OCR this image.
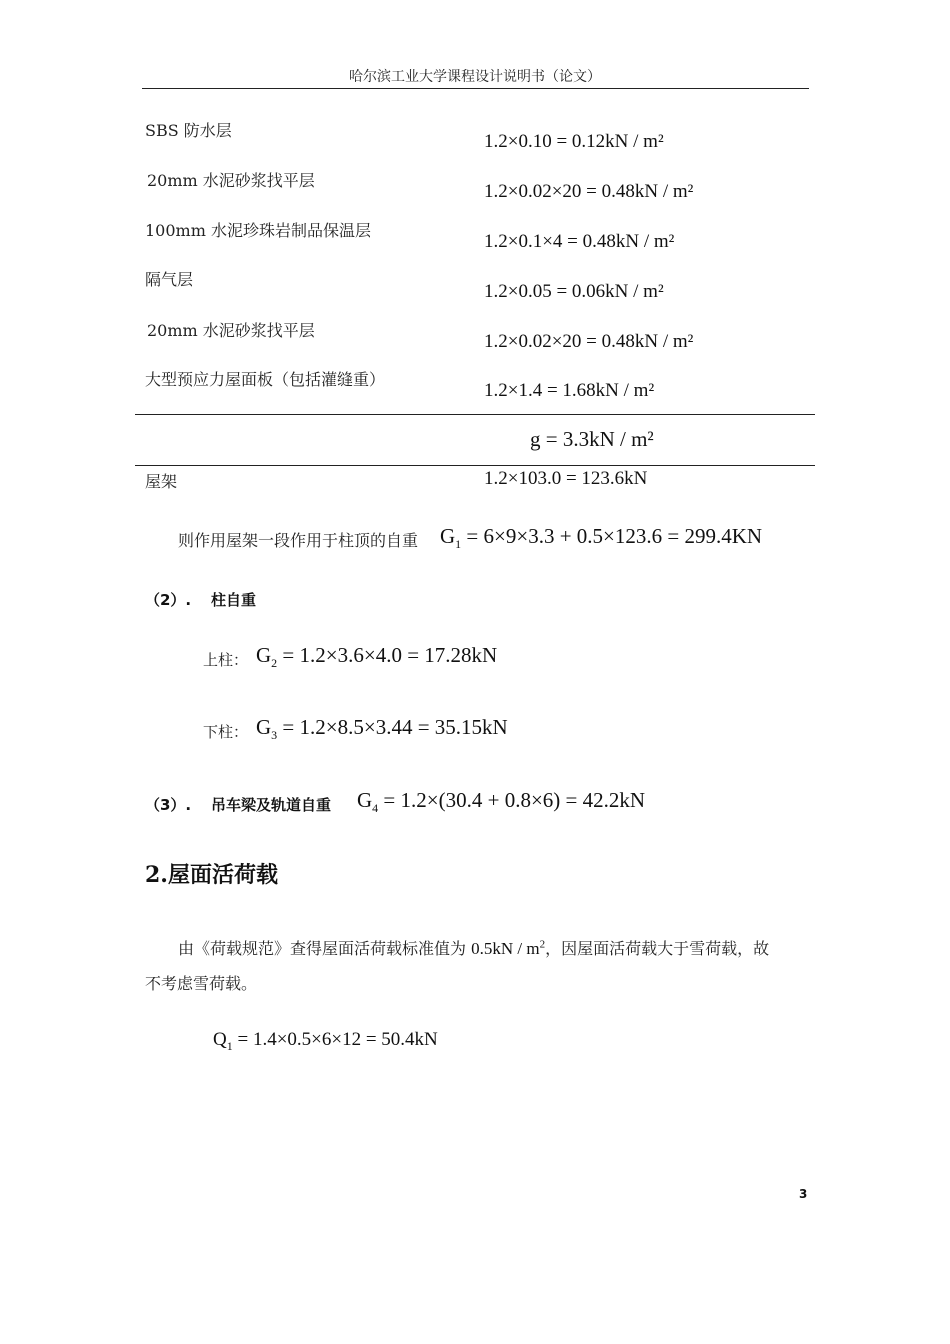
哈尔滨工业大学课程设计说明书（论文）
SBS 防水层
1.2×0.10 = 0.12kN / m²
20mm 水泥砂浆找平层
1.2×0.02×20 = 0.48kN / m²
100mm 水泥珍珠岩制品保温层
1.2×0.1×4 = 0.48kN / m²
隔气层
1.2×0.05 = 0.06kN / m²
20mm 水泥砂浆找平层
1.2×0.02×20 = 0.48kN / m²
大型预应力屋面板（包括灌缝重）
1.2×1.4 = 1.68kN / m²
g = 3.3kN / m²
屋架	1.2×103.0 = 123.6kN
则作用屋架一段作用于柱顶的自重 $G_1 = 6\times 9\times 3.3 + 0.5\times 123.6 = 299.4KN$
（2）. 柱自重
上柱： $G_2 = 1.2\times 3.6\times 4.0 = 17.28kN$
下柱： $G_3 = 1.2\times 8.5\times 3.44 = 35.15kN$
（3）. 吊车梁及轨道自重 $G_4 = 1.2\times(30.4 + 0.8\times 6) = 42.2kN$
2.屋面活荷载
由《荷载规范》查得屋面活荷载标准值为 $0.5kN / m^2$，因屋面活荷载大于雪荷载，故
不考虑雪荷载。
$Q_1 = 1.4\times 0.5\times 6\times 12 = 50.4kN$
3
